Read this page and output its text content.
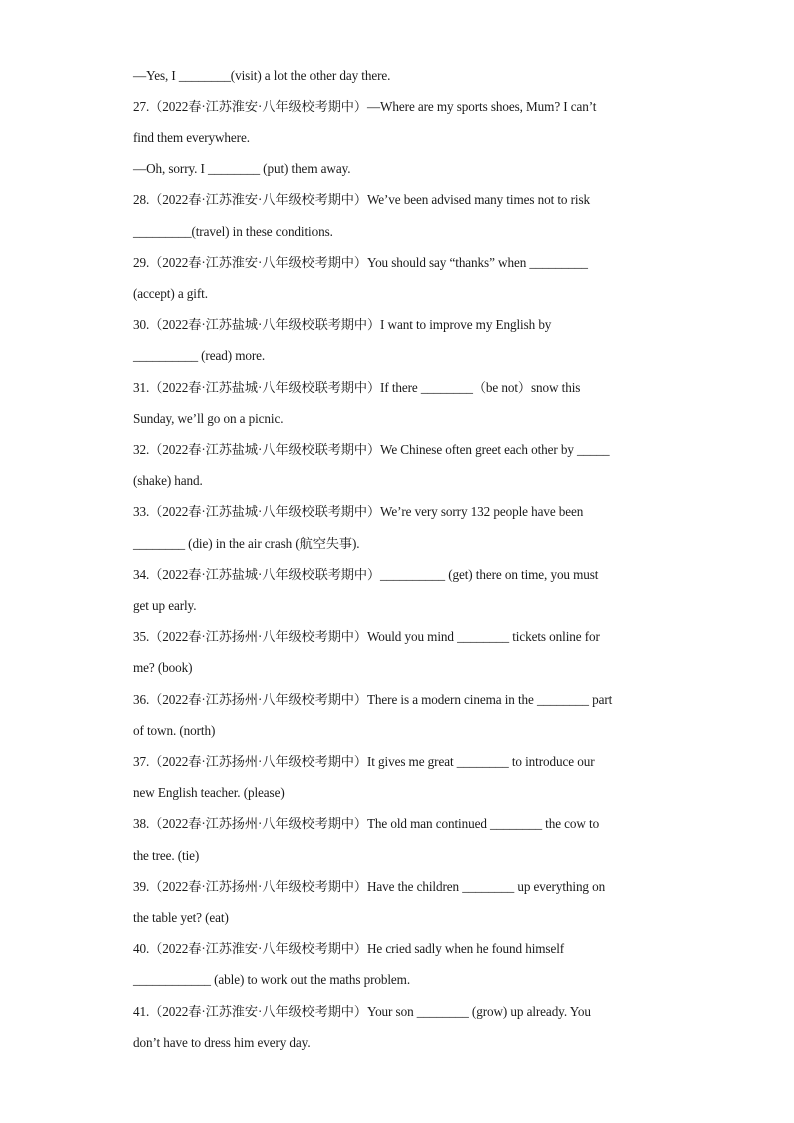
—Yes, I ________(visit) a lot the other day there.
27.（2022春·江苏淮安·八年级校考期中）—Where are my sports shoes, Mum? I can’t
find them everywhere.
—Oh, sorry. I ________ (put) them away.
28.（2022春·江苏淮安·八年级校考期中）We’ve been advised many times not to risk
_________(travel) in these conditions.
29.（2022春·江苏淮安·八年级校考期中）You should say “thanks” when _________
(accept) a gift.
30.（2022春·江苏盐城·八年级校联考期中）I want to improve my English by
__________ (read) more.
31.（2022春·江苏盐城·八年级校联考期中）If there ________（be not）snow this
Sunday, we’ll go on a picnic.
32.（2022春·江苏盐城·八年级校联考期中）We Chinese often greet each other by _____
(shake) hand.
33.（2022春·江苏盐城·八年级校联考期中）We’re very sorry 132 people have been
________ (die) in the air crash (航空失事).
34.（2022春·江苏盐城·八年级校联考期中）__________ (get) there on time, you must
get up early.
35.（2022春·江苏扬州·八年级校考期中）Would you mind ________ tickets online for
me? (book)
36.（2022春·江苏扬州·八年级校考期中）There is a modern cinema in the ________ part
of town. (north)
37.（2022春·江苏扬州·八年级校考期中）It gives me great ________ to introduce our
new English teacher. (please)
38.（2022春·江苏扬州·八年级校考期中）The old man continued ________ the cow to
the tree. (tie)
39.（2022春·江苏扬州·八年级校考期中）Have the children ________ up everything on
the table yet? (eat)
40.（2022春·江苏淮安·八年级校考期中）He cried sadly when he found himself
____________ (able) to work out the maths problem.
41.（2022春·江苏淮安·八年级校考期中）Your son ________ (grow) up already. You
don’t have to dress him every day.
